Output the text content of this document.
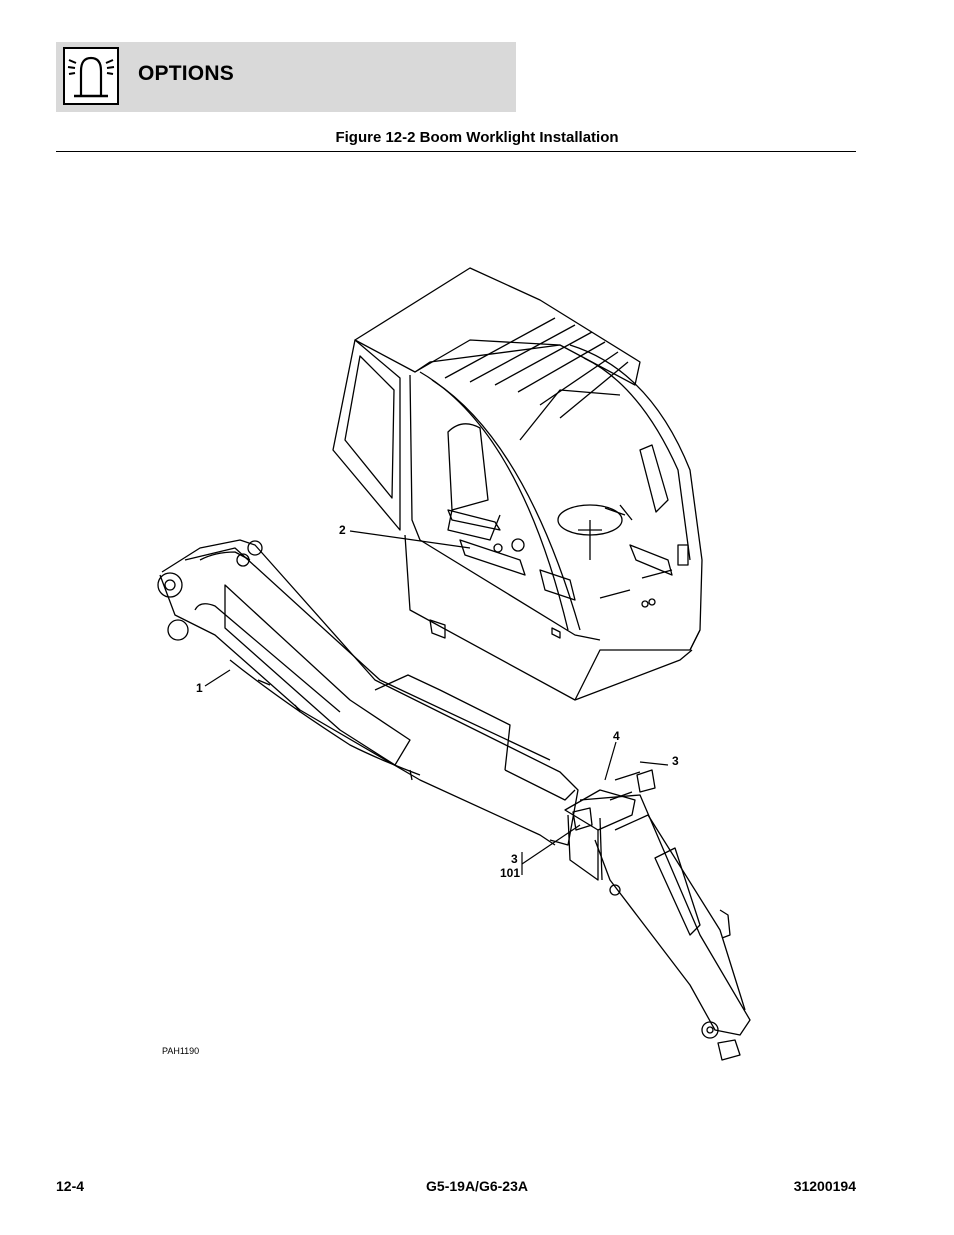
OPTIONS
Figure 12-2 Boom Worklight Installation
2
1
4
3
3
101
PAH1190
12-4	G5-19A/G6-23A	31200194
